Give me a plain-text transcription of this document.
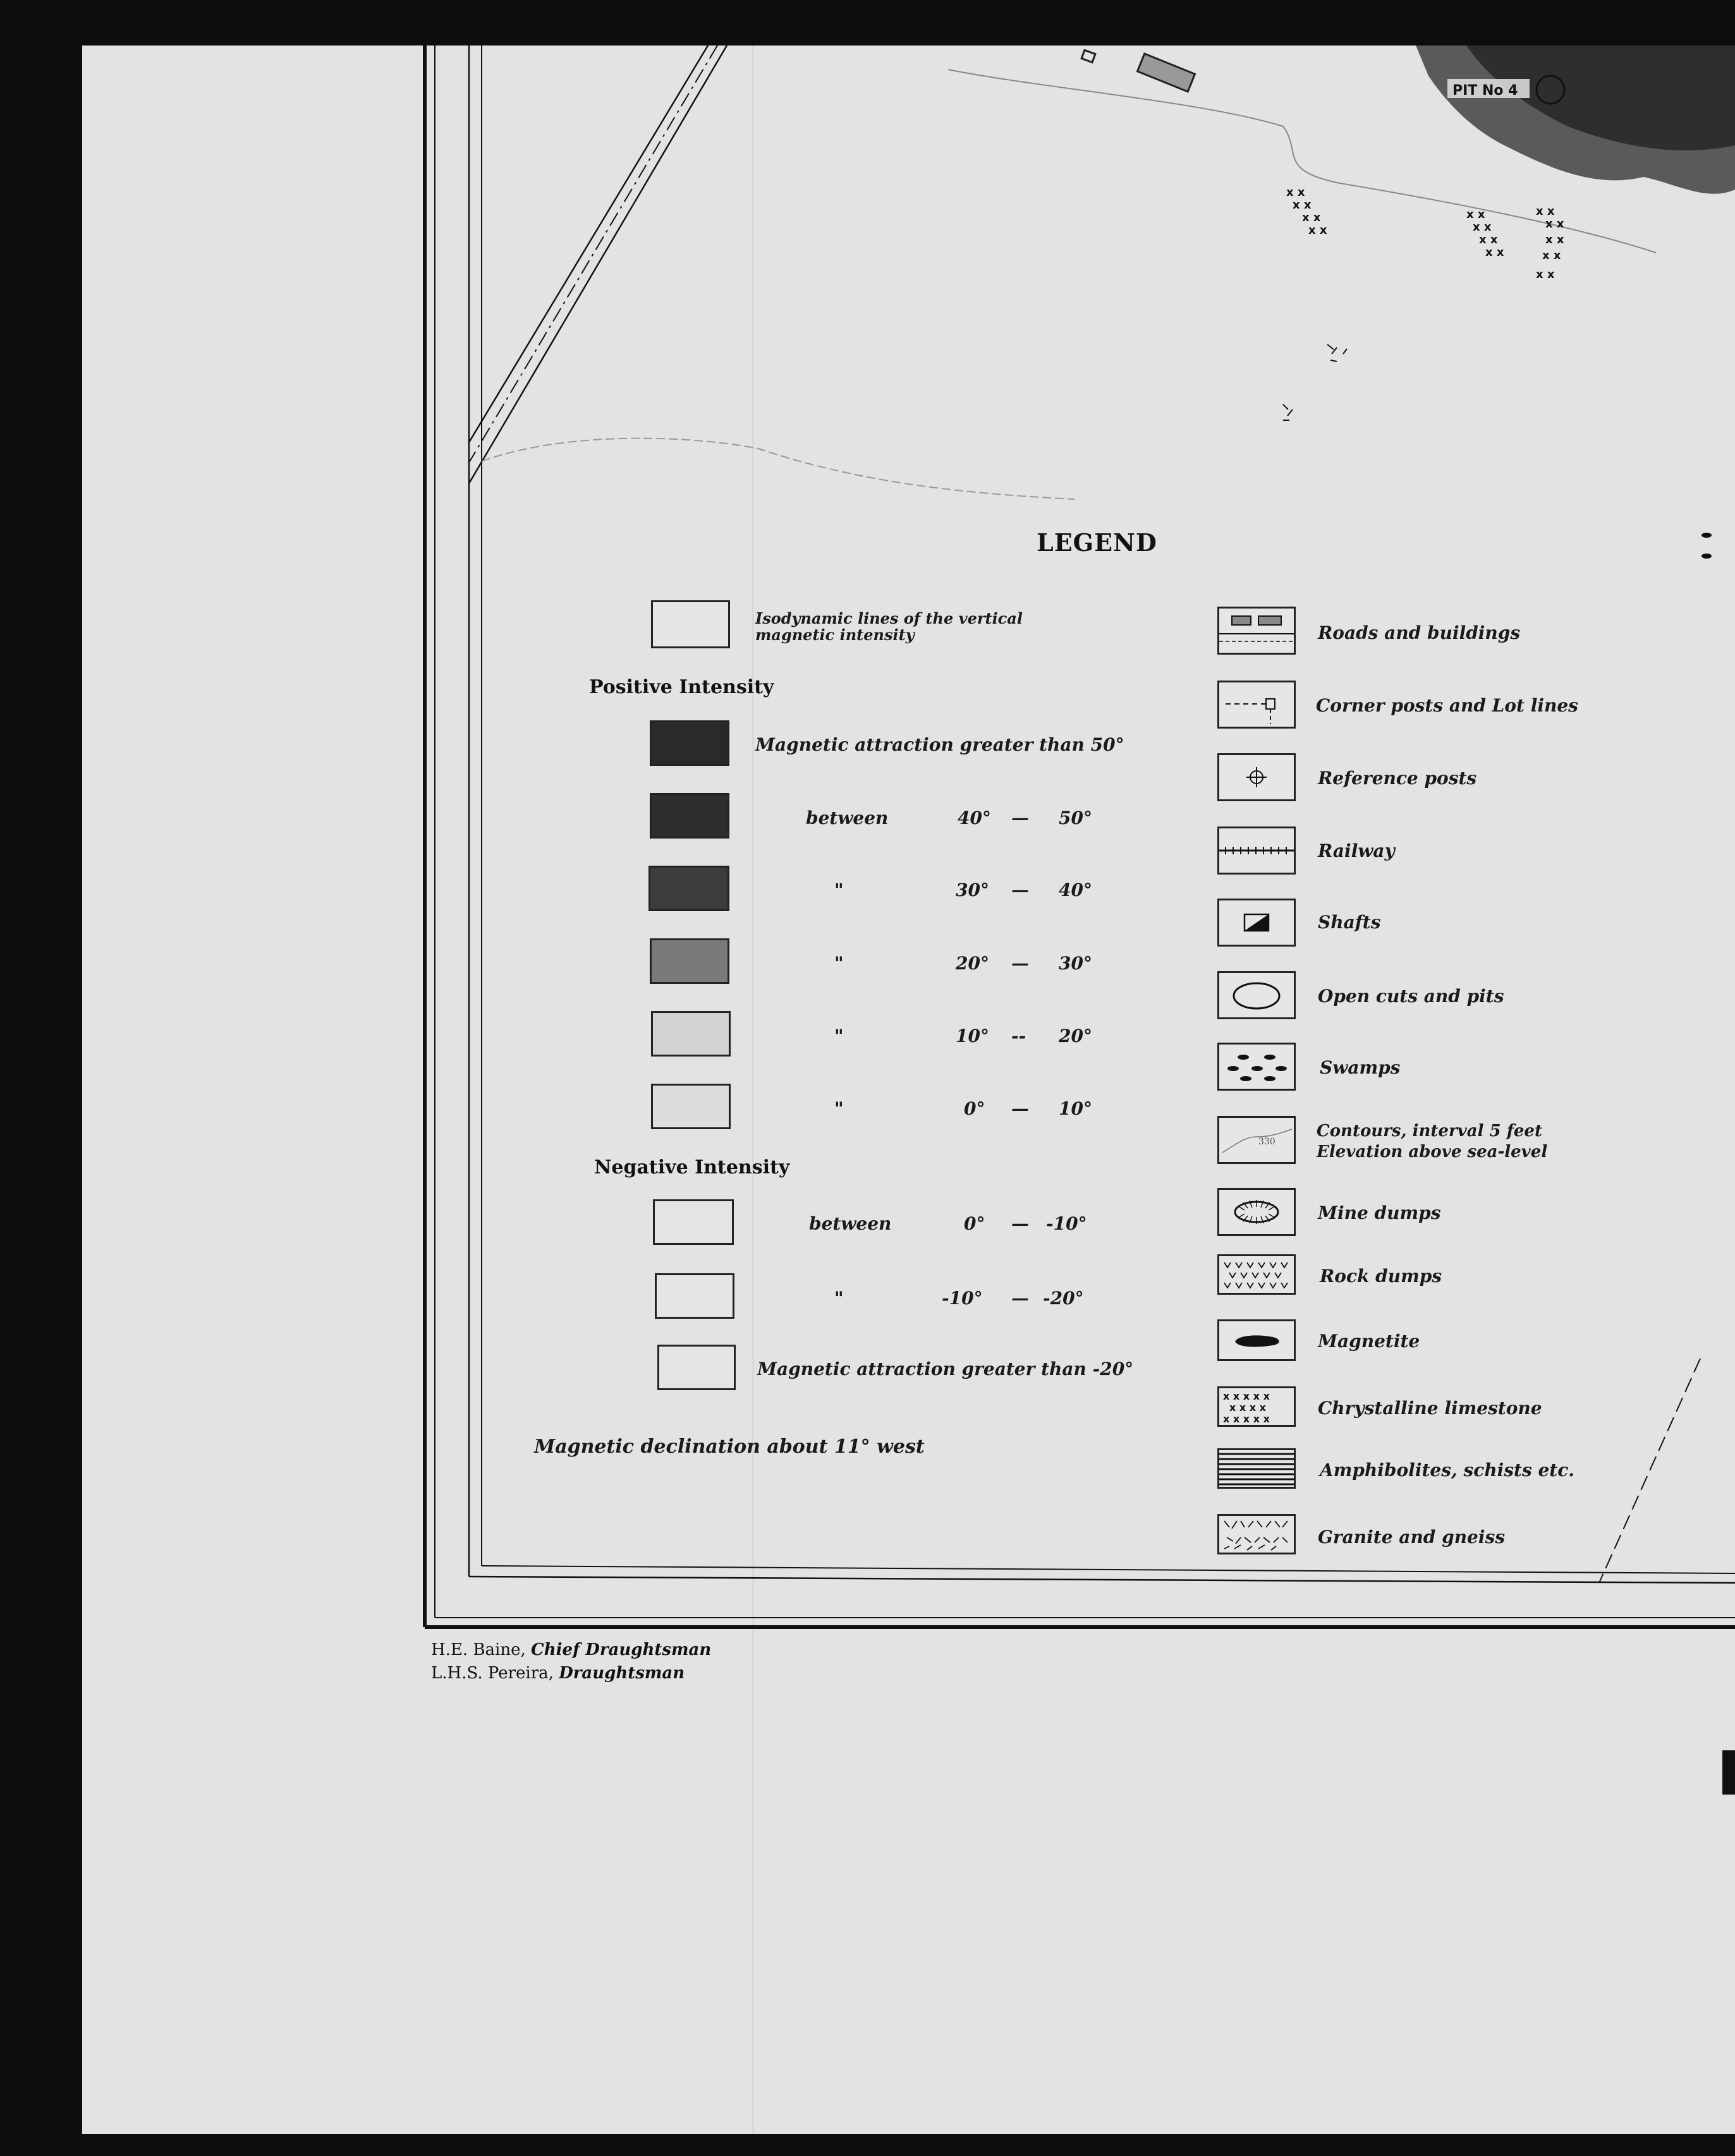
PIT No 4
x x
x x
x x
x x
x x
x x
x x
x x
x x
x x
x x
x x
x x
LEGEND
Isodynamic lines of the vertical magnetic intensity
Positive Intensity
Magnetic attraction greater than 50°
between	40° — 50°
"	30° — 40°
"	20° — 30°
"	10° -- 20°
"	0° — 10°
Negative Intensity
between	0° — -10°
"	-10° — -20°
Magnetic attraction greater than -20°
Magnetic declination about 11° west
Roads and buildings
Corner posts and Lot lines
Reference posts
Railway
Shafts
Open cuts and pits
Swamps
330
Contours, interval 5 feet
Elevation above sea-level
Mine dumps
Rock dumps
Magnetite
x x x x x
x x x x
x x x x x
Chrystalline limestone
Amphibolites, schists etc.
Granite and gneiss
H.E. Baine, Chief Draughtsman
L.H.S. Pereira, Draughtsman
